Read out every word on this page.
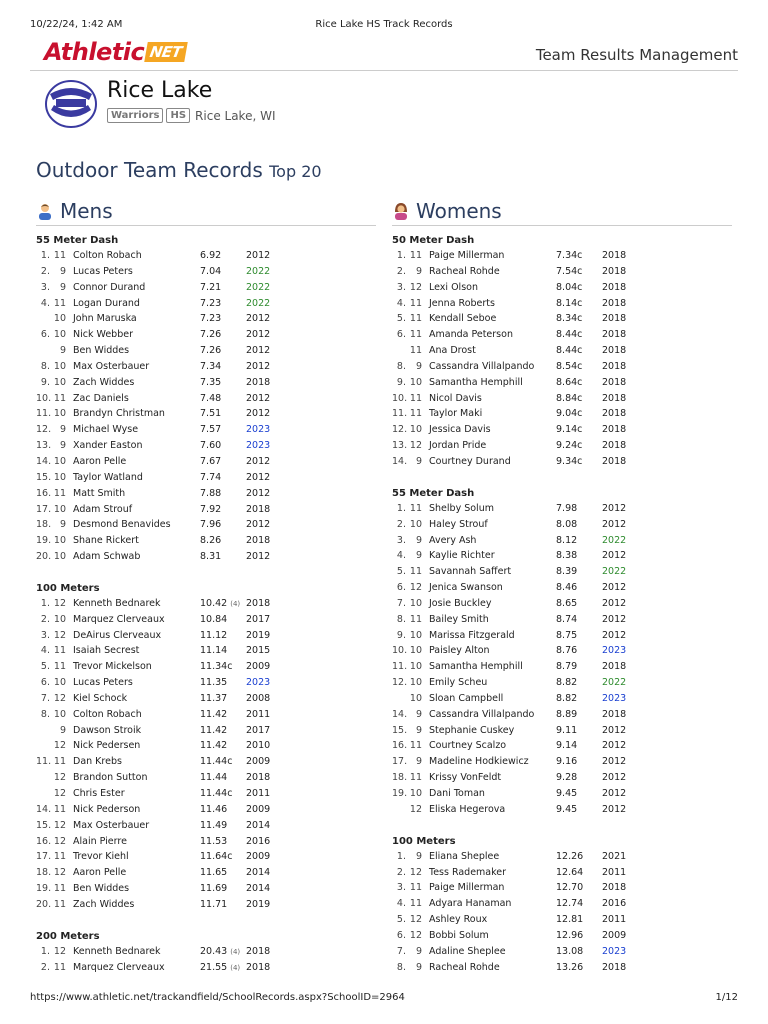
10/22/24, 1:42 AM	Rice Lake HS Track Records
Athletic NET	Team Results Management
Rice Lake
Warriors	HS Rice Lake, WI
Outdoor Team Records Top 20
Mens
55 Meter Dash
1. 11 Colton Robach	6.92	2012
2.	9 Lucas Peters	7.04	2022
3.	9 Connor Durand	7.21	2022
4. 11 Logan Durand	7.23	2022
10 John Maruska	7.23	2012
6. 10 Nick Webber	7.26	2012
9 Ben Widdes	7.26	2012
8. 10 Max Osterbauer	7.34	2012
9. 10 Zach Widdes	7.35	2018
10. 11 Zac Daniels	7.48	2012
11. 10 Brandyn Christman	7.51	2012
12. 9 Michael Wyse	7.57	2023
13. 9 Xander Easton	7.60	2023
14. 10 Aaron Pelle	7.67	2012
15. 10 Taylor Watland	7.74	2012
16. 11 Matt Smith	7.88	2012
17. 10 Adam Strouf	7.92	2018
18. 9 Desmond Benavides	7.96	2012
19. 10 Shane Rickert	8.26	2018
20. 10 Adam Schwab	8.31	2012
100 Meters
1. 12 Kenneth Bednarek	10.42 (4) 2018
2. 10 Marquez Clerveaux	10.84 2017
3. 12 DeAirus Clerveaux	11.12 2019
4. 11 Isaiah Secrest	11.14 2015
5. 11 Trevor Mickelson	11.34c 2009
6. 10 Lucas Peters	11.35 2023
7. 12 Kiel Schock	11.37 2008
8. 10 Colton Robach	11.42 2011
9 Dawson Stroik	11.42 2017
12 Nick Pedersen	11.42 2010
11. 11 Dan Krebs	11.44c 2009
12 Brandon Sutton	11.44 2018
12 Chris Ester	11.44c 2011
14. 11 Nick Pederson	11.46 2009
15. 12 Max Osterbauer	11.49 2014
16. 12 Alain Pierre	11.53 2016
17. 11 Trevor Kiehl	11.64c 2009
18. 12 Aaron Pelle	11.65 2014
19. 11 Ben Widdes	11.69 2014
20. 11 Zach Widdes	11.71 2019
200 Meters
1. 12 Kenneth Bednarek	20.43 (4) 2018
2. 11 Marquez Clerveaux	21.55 (4) 2018
Womens
50 Meter Dash
1. 11 Paige Millerman	7.34c 2018
2.	9 Racheal Rohde	7.54c 2018
3. 12 Lexi Olson	8.04c 2018
4. 11 Jenna Roberts	8.14c 2018
5. 11 Kendall Seboe	8.34c 2018
6. 11 Amanda Peterson	8.44c 2018
11 Ana Drost	8.44c 2018
8.	9 Cassandra Villalpando 8.54c 2018
9. 10 Samantha Hemphill	8.64c 2018
10. 11 Nicol Davis	8.84c 2018
11. 11 Taylor Maki	9.04c 2018
12. 10 Jessica Davis	9.14c 2018
13. 12 Jordan Pride	9.24c 2018
14. 9 Courtney Durand	9.34c 2018
55 Meter Dash
1. 11 Shelby Solum	7.98	2012
2. 10 Haley Strouf	8.08	2012
3.	9 Avery Ash	8.12	2022
4.	9 Kaylie Richter	8.38	2012
5. 11 Savannah Saffert	8.39	2022
6. 12 Jenica Swanson	8.46	2012
7. 10 Josie Buckley	8.65	2012
8. 11 Bailey Smith	8.74	2012
9. 10 Marissa Fitzgerald	8.75	2012
10. 10 Paisley Alton	8.76	2023
11. 10 Samantha Hemphill	8.79	2018
12. 10 Emily Scheu	8.82	2022
10 Sloan Campbell	8.82	2023
14. 9 Cassandra Villalpando 8.89	2018
15. 9 Stephanie Cuskey	9.11	2012
16. 11 Courtney Scalzo	9.14	2012
17. 9 Madeline Hodkiewicz	9.16	2012
18. 11 Krissy VonFeldt	9.28	2012
19. 10 Dani Toman	9.45	2012
12 Eliska Hegerova	9.45	2012
100 Meters
1.	9 Eliana Sheplee	12.26 2021
2. 12 Tess Rademaker	12.64 2011
3. 11 Paige Millerman	12.70 2018
4. 11 Adyara Hanaman	12.74 2016
5. 12 Ashley Roux	12.81 2011
6. 12 Bobbi Solum	12.96 2009
7.	9 Adaline Sheplee	13.08 2023
8.	9 Racheal Rohde	13.26 2018
https://www.athletic.net/trackandfield/SchoolRecords.aspx?SchoolID=2964	1/12
